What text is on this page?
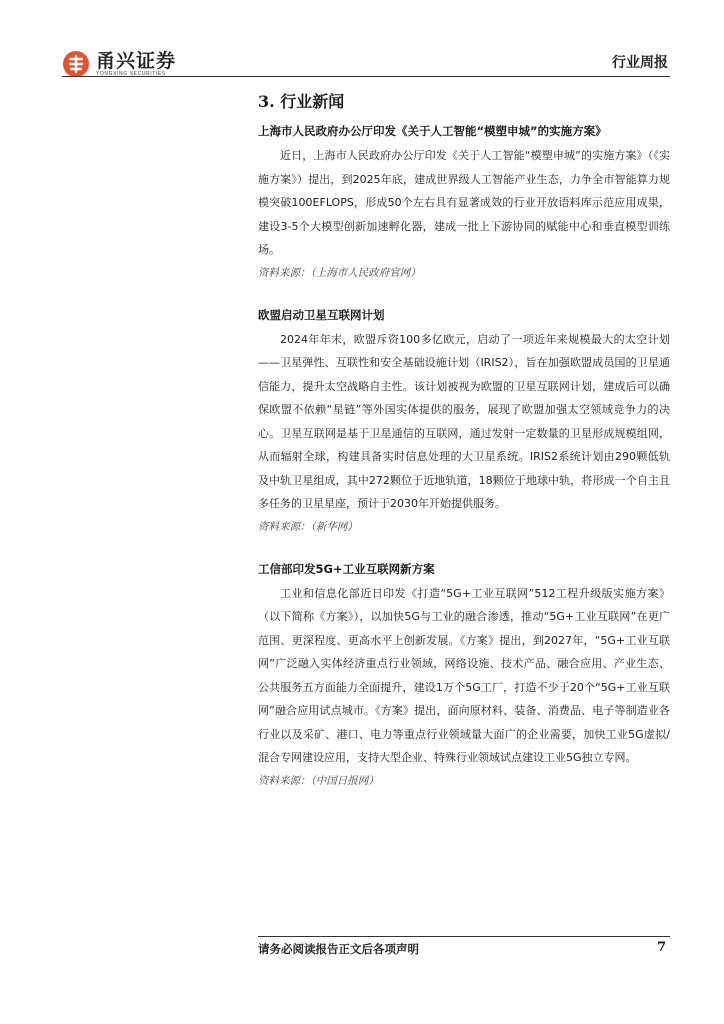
甬兴证券
YONGXING SECURITIES
行业周报
3. 行业新闻

上海市人民政府办公厅印发《关于人工智能“模塑申城”的实施方案》

近日，上海市人民政府办公厅印发《关于人工智能“模塑申城”的实施方案》（《实施方案》）提出，到2025年底，建成世界级人工智能产业生态，力争全市智能算力规模突破100EFLOPS，形成50个左右具有显著成效的行业开放语料库示范应用成果，建设3-5个大模型创新加速孵化器，建成一批上下游协同的赋能中心和垂直模型训练场。

资料来源：（上海市人民政府官网）

欧盟启动卫星互联网计划

2024年年末，欧盟斥资100多亿欧元，启动了一项近年来规模最大的太空计划——卫星弹性、互联性和安全基础设施计划（IRIS2），旨在加强欧盟成员国的卫星通信能力，提升太空战略自主性。该计划被视为欧盟的卫星互联网计划，建成后可以确保欧盟不依赖“星链”等外国实体提供的服务，展现了欧盟加强太空领域竞争力的决心。卫星互联网是基于卫星通信的互联网，通过发射一定数量的卫星形成规模组网，从而辐射全球，构建具备实时信息处理的大卫星系统。IRIS2系统计划由290颗低轨及中轨卫星组成，其中272颗位于近地轨道，18颗位于地球中轨，将形成一个自主且多任务的卫星星座，预计于2030年开始提供服务。

资料来源：（新华网）

工信部印发5G+工业互联网新方案

工业和信息化部近日印发《打造“5G+工业互联网”512工程升级版实施方案》（以下简称《方案》），以加快5G与工业的融合渗透，推动“5G+工业互联网”在更广范围、更深程度、更高水平上创新发展。《方案》提出，到2027年，“5G+工业互联网”广泛融入实体经济重点行业领域，网络设施、技术产品、融合应用、产业生态、公共服务五方面能力全面提升，建设1万个5G工厂，打造不少于20个“5G+工业互联网”融合应用试点城市。《方案》提出，面向原材料、装备、消费品、电子等制造业各行业以及采矿、港口、电力等重点行业领域量大面广的企业需要，加快工业5G虚拟/混合专网建设应用，支持大型企业、特殊行业领域试点建设工业5G独立专网。

资料来源：（中国日报网）

请务必阅读报告正文后各项声明	7
